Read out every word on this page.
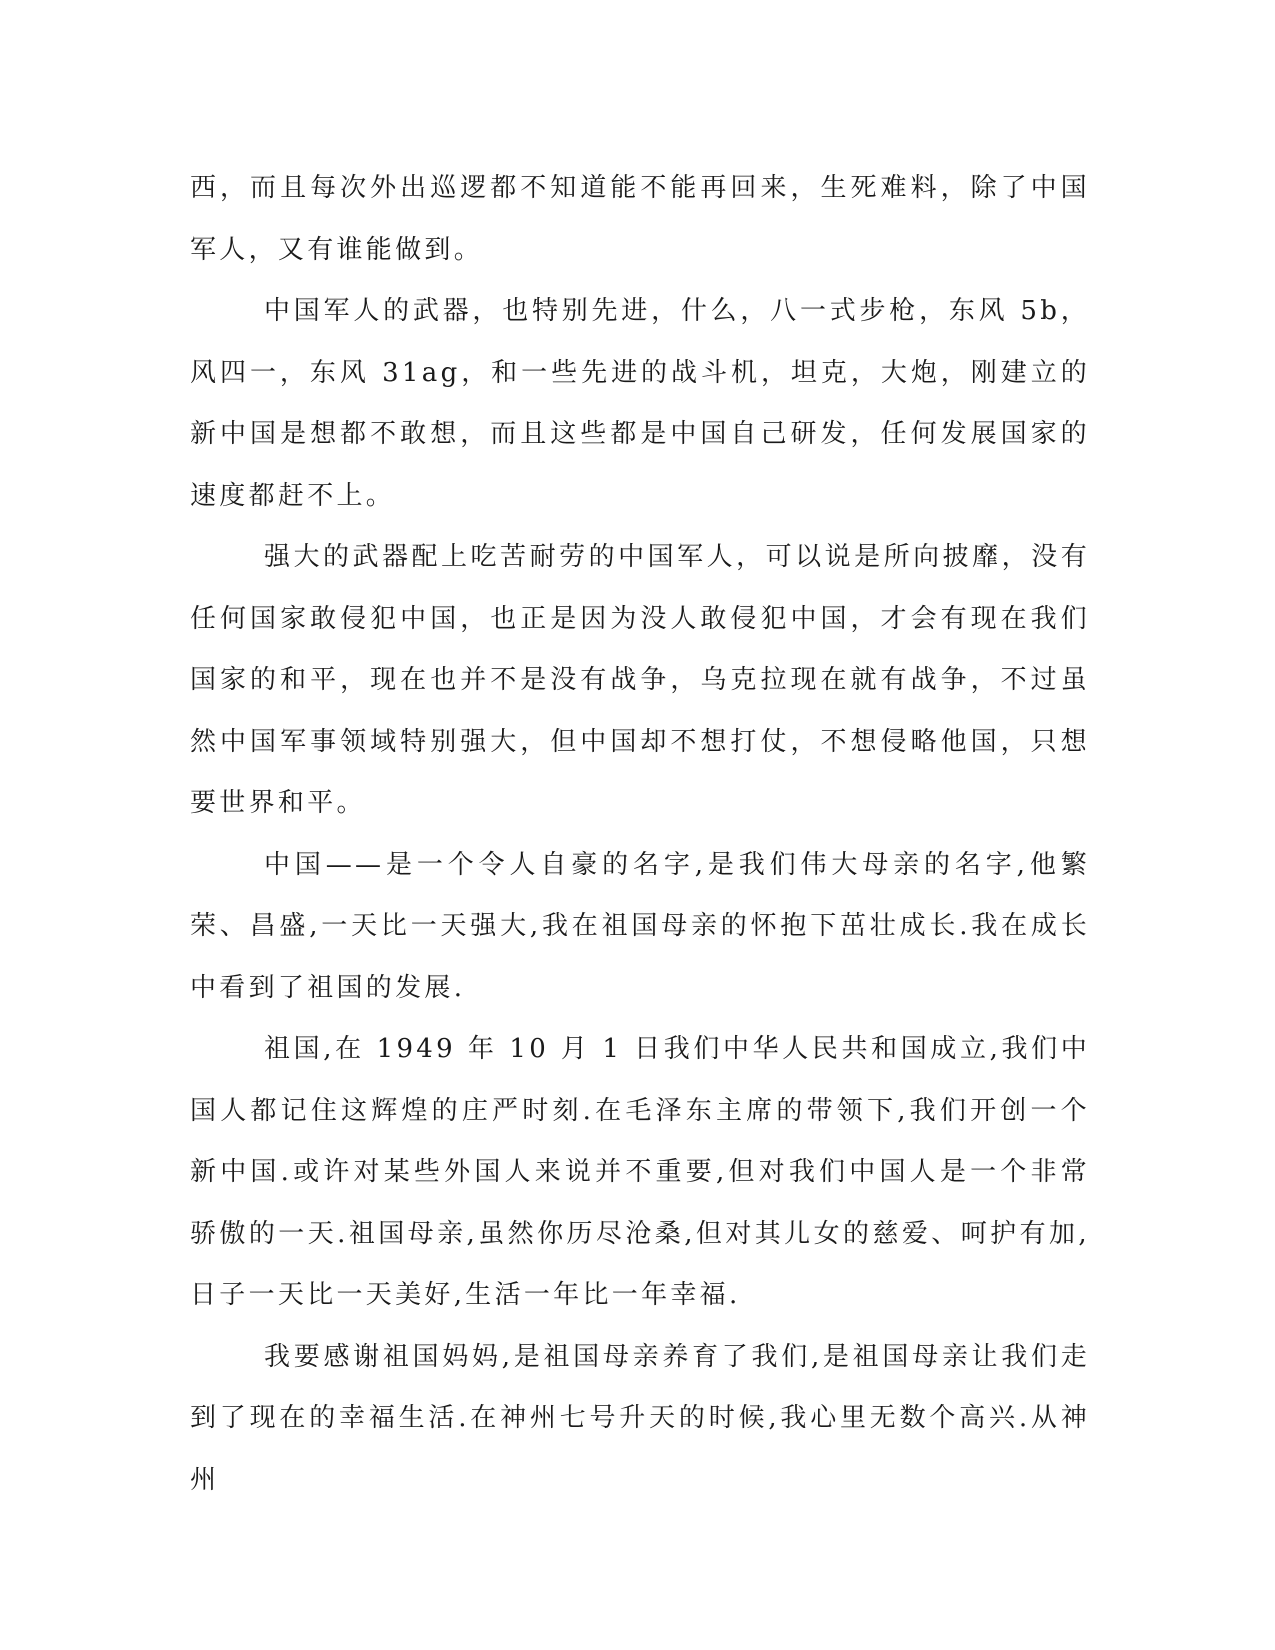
西，而且每次外出巡逻都不知道能不能再回来，生死难料，除了中国军人，又有谁能做到。

中国军人的武器，也特别先进，什么，八一式步枪，东风 5b，风四一，东风 31ag，和一些先进的战斗机，坦克，大炮，刚建立的新中国是想都不敢想，而且这些都是中国自己研发，任何发展国家的速度都赶不上。

强大的武器配上吃苦耐劳的中国军人，可以说是所向披靡，没有任何国家敢侵犯中国，也正是因为没人敢侵犯中国，才会有现在我们国家的和平，现在也并不是没有战争，乌克拉现在就有战争，不过虽然中国军事领域特别强大，但中国却不想打仗，不想侵略他国，只想要世界和平。

中国——是一个令人自豪的名字,是我们伟大母亲的名字,他繁荣、昌盛,一天比一天强大,我在祖国母亲的怀抱下茁壮成长.我在成长中看到了祖国的发展.

祖国,在 1949 年 10 月 1 日我们中华人民共和国成立,我们中国人都记住这辉煌的庄严时刻.在毛泽东主席的带领下,我们开创一个新中国.或许对某些外国人来说并不重要,但对我们中国人是一个非常骄傲的一天.祖国母亲,虽然你历尽沧桑,但对其儿女的慈爱、呵护有加,日子一天比一天美好,生活一年比一年幸福.

我要感谢祖国妈妈,是祖国母亲养育了我们,是祖国母亲让我们走到了现在的幸福生活.在神州七号升天的时候,我心里无数个高兴.从神州
